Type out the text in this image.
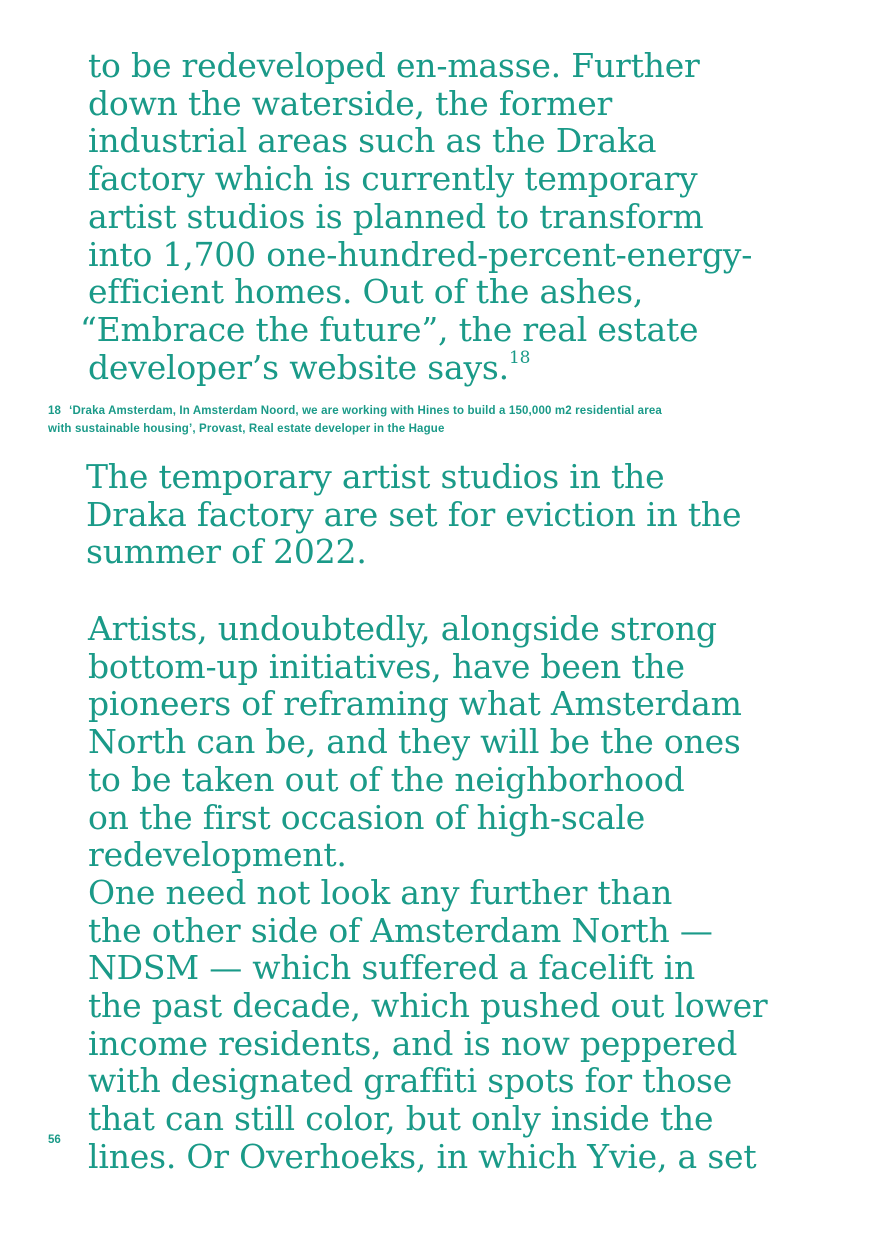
to be redeveloped en-masse. Further
down the waterside, the former
industrial areas such as the Draka
factory which is currently temporary
artist studios is planned to transform
into 1,700 one-hundred-percent-energy-
efficient homes. Out of the ashes,
“Embrace the future”, the real estate
developer’s website says.$^{18}$
18 ‘Draka Amsterdam, In Amsterdam Noord, we are working with Hines to build a 150,000 m2 residential area
with sustainable housing’, Provast, Real estate developer in the Hague
The temporary artist studios in the
Draka factory are set for eviction in the
summer of 2022.
Artists, undoubtedly, alongside strong
bottom-up initiatives, have been the
pioneers of reframing what Amsterdam
North can be, and they will be the ones
to be taken out of the neighborhood
on the first occasion of high-scale
redevelopment.
One need not look any further than
the other side of Amsterdam North —
NDSM — which suffered a facelift in
the past decade, which pushed out lower
income residents, and is now peppered
with designated graffiti spots for those
that can still color, but only inside the
lines. Or Overhoeks, in which Yvie, a set
56
